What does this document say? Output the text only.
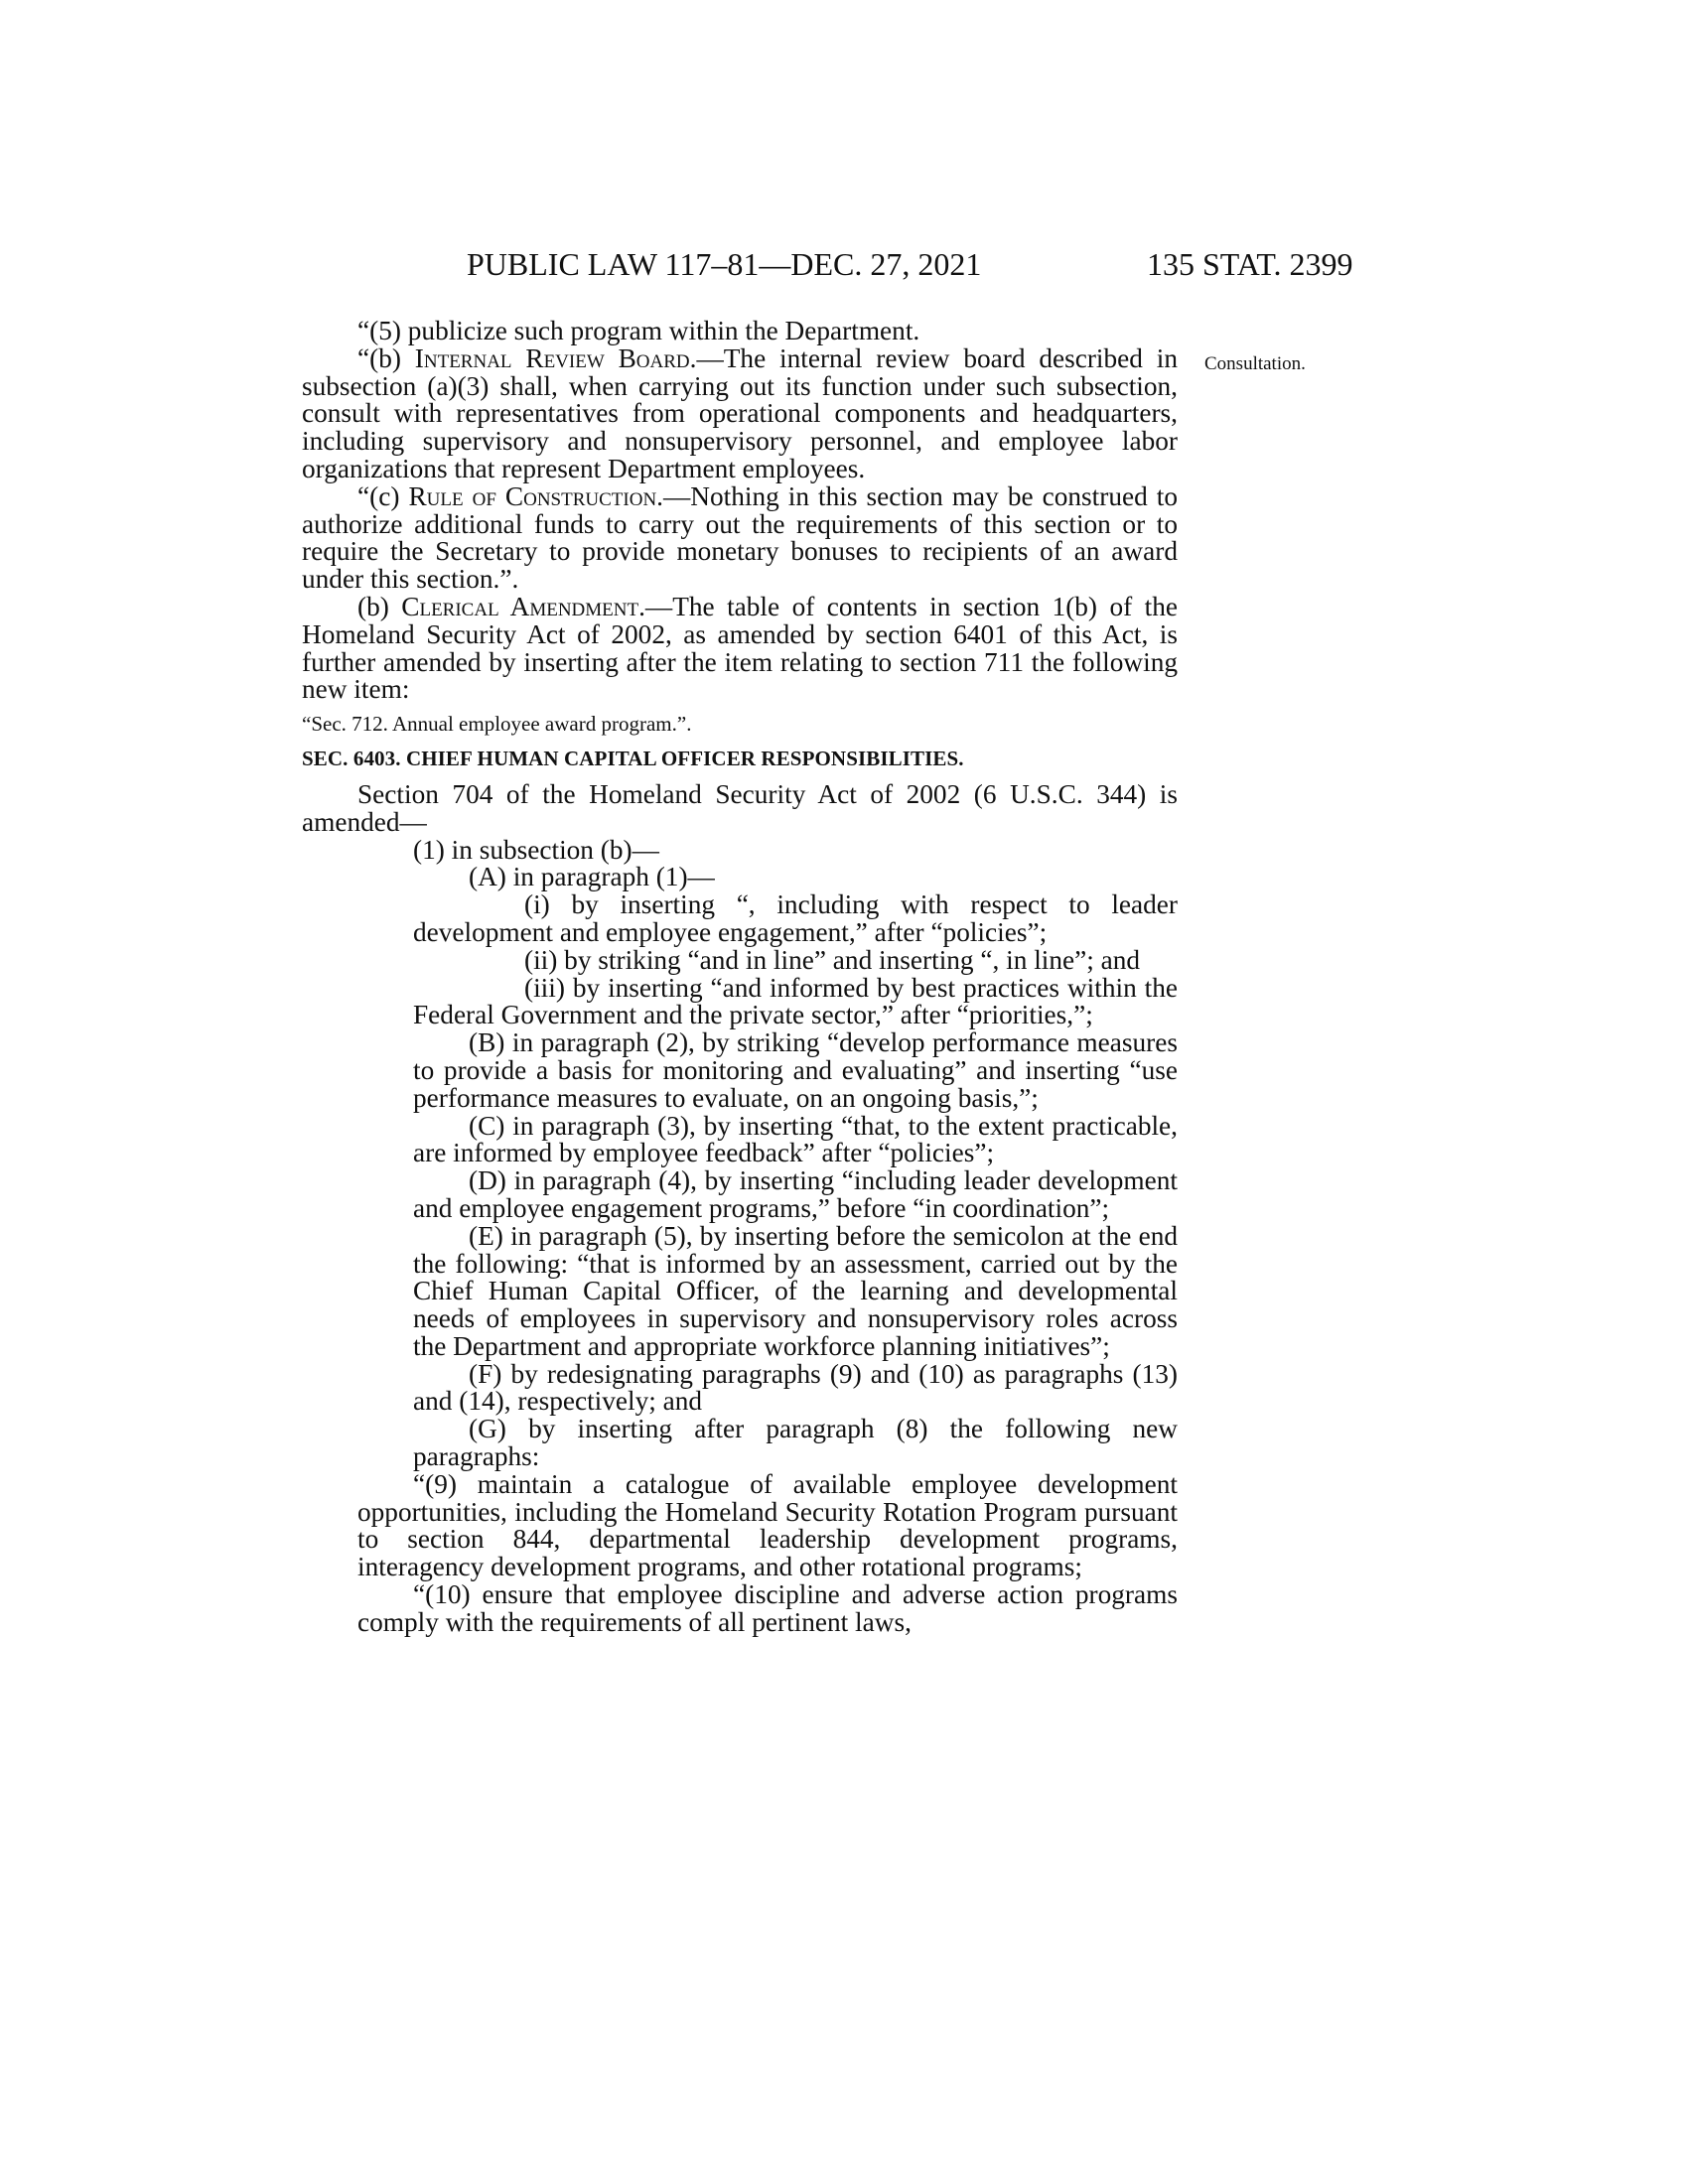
PUBLIC LAW 117–81—DEC. 27, 2021	135 STAT. 2399
Consultation.

“(5) publicize such program within the Department.

“(b) Internal Review Board.—The internal review board described in subsection (a)(3) shall, when carrying out its function under such subsection, consult with representatives from operational components and headquarters, including supervisory and nonsupervisory personnel, and employee labor organizations that represent Department employees.

“(c) Rule of Construction.—Nothing in this section may be construed to authorize additional funds to carry out the requirements of this section or to require the Secretary to provide monetary bonuses to recipients of an award under this section.”.

(b) Clerical Amendment.—The table of contents in section 1(b) of the Homeland Security Act of 2002, as amended by section 6401 of this Act, is further amended by inserting after the item relating to section 711 the following new item:

“Sec. 712. Annual employee award program.”.

SEC. 6403. CHIEF HUMAN CAPITAL OFFICER RESPONSIBILITIES.

Section 704 of the Homeland Security Act of 2002 (6 U.S.C. 344) is amended—

(1) in subsection (b)—

(A) in paragraph (1)—

(i) by inserting “, including with respect to leader development and employee engagement,” after “policies”;

(ii) by striking “and in line” and inserting “, in line”; and

(iii) by inserting “and informed by best practices within the Federal Government and the private sector,” after “priorities,”;

(B) in paragraph (2), by striking “develop performance measures to provide a basis for monitoring and evaluating” and inserting “use performance measures to evaluate, on an ongoing basis,”;

(C) in paragraph (3), by inserting “that, to the extent practicable, are informed by employee feedback” after “policies”;

(D) in paragraph (4), by inserting “including leader development and employee engagement programs,” before “in coordination”;

(E) in paragraph (5), by inserting before the semicolon at the end the following: “that is informed by an assessment, carried out by the Chief Human Capital Officer, of the learning and developmental needs of employees in supervisory and nonsupervisory roles across the Department and appropriate workforce planning initiatives”;

(F) by redesignating paragraphs (9) and (10) as paragraphs (13) and (14), respectively; and

(G) by inserting after paragraph (8) the following new paragraphs:

“(9) maintain a catalogue of available employee development opportunities, including the Homeland Security Rotation Program pursuant to section 844, departmental leadership development programs, interagency development programs, and other rotational programs;

“(10) ensure that employee discipline and adverse action programs comply with the requirements of all pertinent laws,
